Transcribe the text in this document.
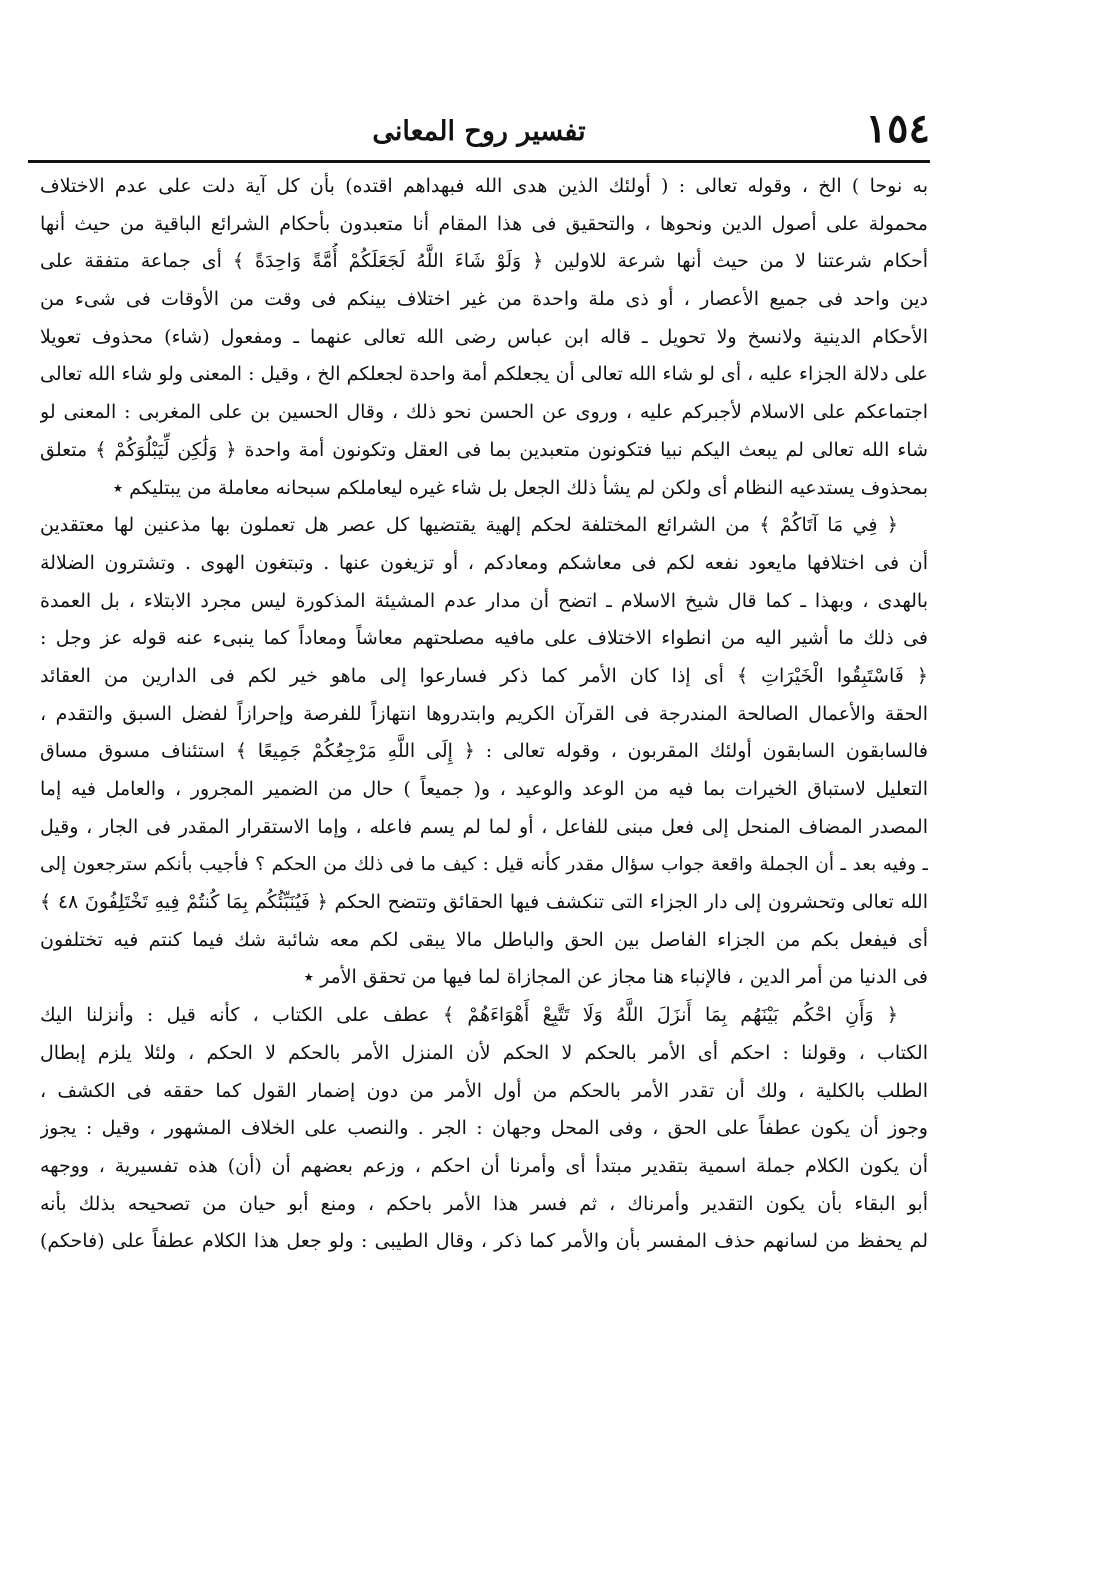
١٥٤
تفسير روح المعانى
به نوحا ) الخ ، وقوله تعالى : ( أولئك الذين هدى الله فبهداهم اقتده) بأن كل آية دلت على عدم الاختلاف
محمولة على أصول الدين ونحوها ، والتحقيق فى هذا المقام أنا متعبدون بأحكام الشرائع الباقية من حيث أنها
أحكام شرعتنا لا من حيث أنها شرعة للاولين ﴿ وَلَوْ شَاءَ اللَّهُ لَجَعَلَكُمْ أُمَّةً وَاحِدَةً ﴾ أى جماعة متفقة على
دين واحد فى جميع الأعصار ، أو ذى ملة واحدة من غير اختلاف بينكم فى وقت من الأوقات فى شىء من
الأحكام الدينية ولانسخ ولا تحويل ـ قاله ابن عباس رضى الله تعالى عنهما ـ ومفعول (شاء) محذوف تعويلا
على دلالة الجزاء عليه ، أى لو شاء الله تعالى أن يجعلكم أمة واحدة لجعلكم الخ ، وقيل : المعنى ولو شاء الله تعالى
اجتماعكم على الاسلام لأجبركم عليه ، وروى عن الحسن نحو ذلك ، وقال الحسين بن على المغربى : المعنى لو
شاء الله تعالى لم يبعث اليكم نبيا فتكونون متعبدين بما فى العقل وتكونون أمة واحدة ﴿ وَلَٰكِن لِّيَبْلُوَكُمْ ﴾ متعلق
بمحذوف يستدعيه النظام أى ولكن لم يشأ ذلك الجعل بل شاء غيره ليعاملكم سبحانه معاملة من يبتليكم ٭
﴿ فِي مَا آتَاكُمْ ﴾ من الشرائع المختلفة لحكم إلهية يقتضيها كل عصر هل تعملون بها مذعنين لها معتقدين
أن فى اختلافها مايعود نفعه لكم فى معاشكم ومعادكم ، أو تزيغون عنها . وتبتغون الهوى . وتشترون الضلالة
بالهدى ، وبهذا ـ كما قال شيخ الاسلام ـ اتضح أن مدار عدم المشيئة المذكورة ليس مجرد الابتلاء ، بل العمدة
فى ذلك ما أشير اليه من انطواء الاختلاف على مافيه مصلحتهم معاشاً ومعاداً كما ينبىء عنه قوله عز وجل :
﴿ فَاسْتَبِقُوا الْخَيْرَاتِ ﴾ أى إذا كان الأمر كما ذكر فسارعوا إلى ماهو خير لكم فى الدارين من العقائد
الحقة والأعمال الصالحة المندرجة فى القرآن الكريم وابتدروها انتهازاً للفرصة وإحرازاً لفضل السبق والتقدم ،
فالسابقون السابقون أولئك المقربون ، وقوله تعالى : ﴿ إِلَى اللَّهِ مَرْجِعُكُمْ جَمِيعًا ﴾ استئناف مسوق مساق
التعليل لاستباق الخيرات بما فيه من الوعد والوعيد ، و( جميعاً ) حال من الضمير المجرور ، والعامل فيه إما
المصدر المضاف المنحل إلى فعل مبنى للفاعل ، أو لما لم يسم فاعله ، وإما الاستقرار المقدر فى الجار ، وقيل
ـ وفيه بعد ـ أن الجملة واقعة جواب سؤال مقدر كأنه قيل : كيف ما فى ذلك من الحكم ؟ فأجيب بأنكم سترجعون إلى
الله تعالى وتحشرون إلى دار الجزاء التى تنكشف فيها الحقائق وتتضح الحكم ﴿ فَيُنَبِّئُكُم بِمَا كُنتُمْ فِيهِ تَخْتَلِفُونَ ٤٨ ﴾
أى فيفعل بكم من الجزاء الفاصل بين الحق والباطل مالا يبقى لكم معه شائبة شك فيما كنتم فيه تختلفون
فى الدنيا من أمر الدين ، فالإنباء هنا مجاز عن المجازاة لما فيها من تحقق الأمر ٭
﴿ وَأَنِ احْكُم بَيْنَهُم بِمَا أَنزَلَ اللَّهُ وَلَا تَتَّبِعْ أَهْوَاءَهُمْ ﴾ عطف على الكتاب ، كأنه قيل : وأنزلنا اليك
الكتاب ، وقولنا : احكم أى الأمر بالحكم لا الحكم لأن المنزل الأمر بالحكم لا الحكم ، ولئلا يلزم إبطال
الطلب بالكلية ، ولك أن تقدر الأمر بالحكم من أول الأمر من دون إضمار القول كما حققه فى الكشف ،
وجوز أن يكون عطفاً على الحق ، وفى المحل وجهان : الجر . والنصب على الخلاف المشهور ، وقيل : يجوز
أن يكون الكلام جملة اسمية بتقدير مبتدأ أى وأمرنا أن احكم ، وزعم بعضهم أن (أن) هذه تفسيرية ، ووجهه
أبو البقاء بأن يكون التقدير وأمرناك ، ثم فسر هذا الأمر باحكم ، ومنع أبو حيان من تصحيحه بذلك بأنه
لم يحفظ من لسانهم حذف المفسر بأن والأمر كما ذكر ، وقال الطيبى : ولو جعل هذا الكلام عطفاً على (فاحكم)
